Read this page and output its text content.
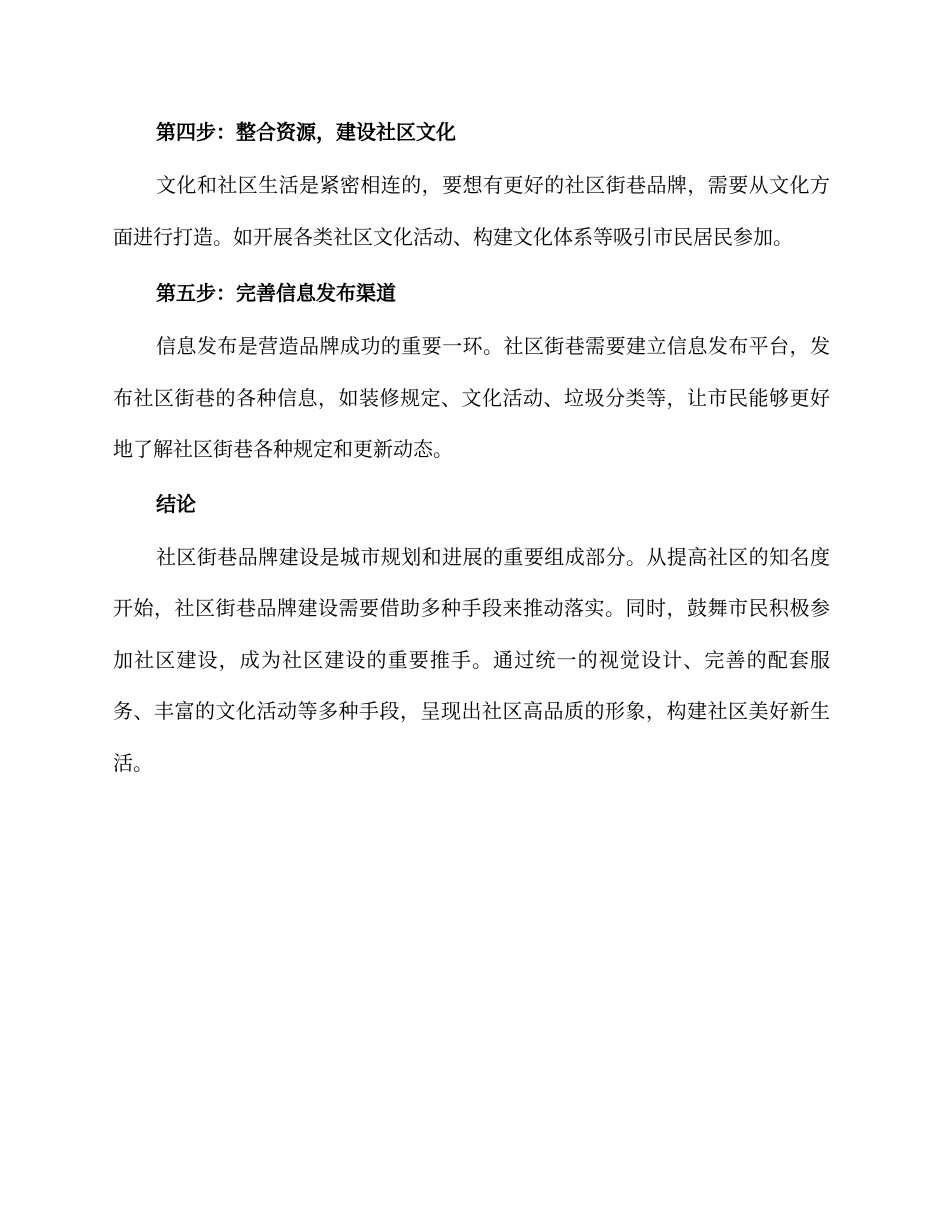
第四步：整合资源，建设社区文化
文化和社区生活是紧密相连的，要想有更好的社区街巷品牌，需要从文化方面进行打造。如开展各类社区文化活动、构建文化体系等吸引市民居民参加。
第五步：完善信息发布渠道
信息发布是营造品牌成功的重要一环。社区街巷需要建立信息发布平台，发布社区街巷的各种信息，如装修规定、文化活动、垃圾分类等，让市民能够更好地了解社区街巷各种规定和更新动态。
结论
社区街巷品牌建设是城市规划和进展的重要组成部分。从提高社区的知名度开始，社区街巷品牌建设需要借助多种手段来推动落实。同时，鼓舞市民积极参加社区建设，成为社区建设的重要推手。通过统一的视觉设计、完善的配套服务、丰富的文化活动等多种手段，呈现出社区高品质的形象，构建社区美好新生活。
